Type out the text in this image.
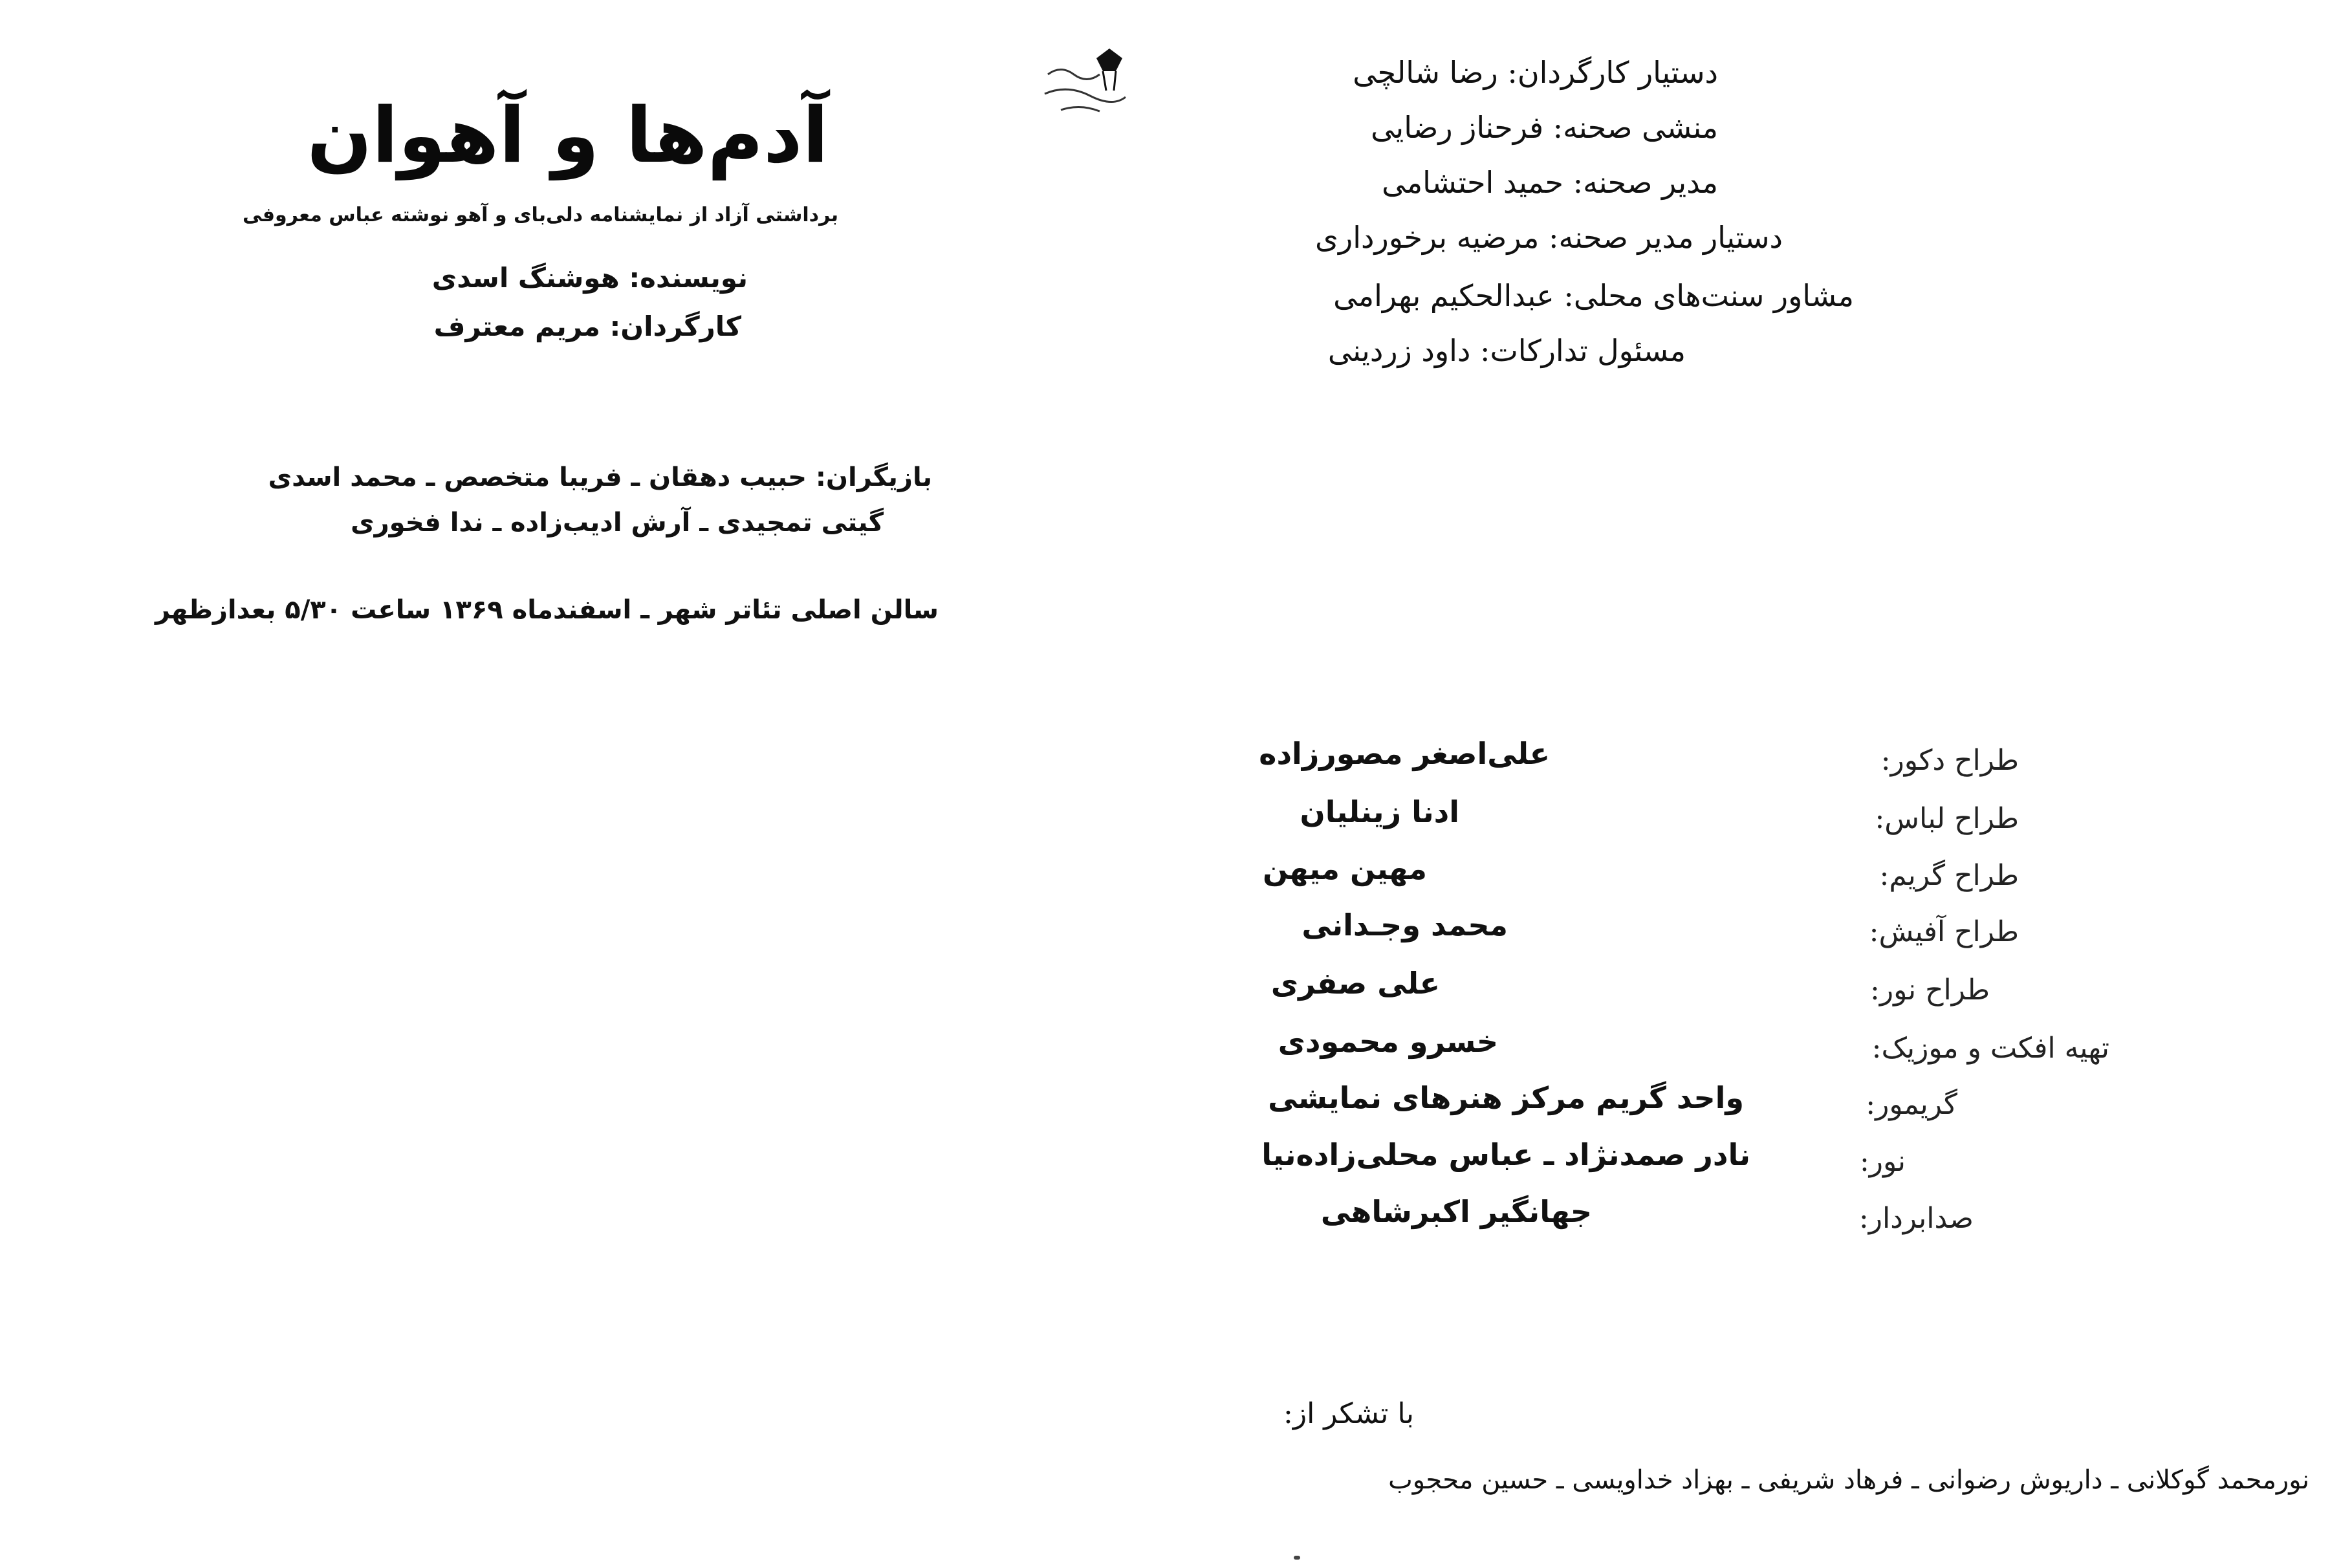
آدم‌ها و آهوان
برداشتی آزاد از نمایشنامه دلی‌بای و آهو نوشته عباس معروفی
نویسنده: هوشنگ اسدی
کارگردان: مریم معترف
بازیگران: حبیب دهقان ـ فریبا متخصص ـ محمد اسدی
گیتی تمجیدی ـ آرش ادیب‌زاده ـ ندا فخوری
سالن اصلی تئاتر شهر ـ اسفندماه ۱۳۶۹ ساعت ۵/۳۰ بعدازظهر
دستیار کارگردان: رضا شالچی
منشی صحنه: فرحناز رضایی
مدیر صحنه: حمید احتشامی
دستیار مدیر صحنه: مرضیه برخورداری
مشاور سنت‌های محلی: عبدالحکیم بهرامی
مسئول تدارکات: داود زردینی
طراح دکور:
علی‌اصغر مصورزاده
طراح لباس:
ادنا زینلیان
طراح گریم:
مهین میهن
طراح آفیش:
محمد وجـدانی
طراح نور:
علی صفری
تهیه افکت و موزیک:
خسرو محمودی
گریمور:
واحد گریم مرکز هنرهای نمایشی
نور:
نادر صمدنژاد ـ عباس محلی‌زاده‌نیا
صدابردار:
جهانگیر اکبرشاهی
با تشکر از:
نورمحمد گوکلانی ـ داریوش رضوانی ـ فرهاد شریفی ـ بهزاد خداویسی ـ حسین محجوب
